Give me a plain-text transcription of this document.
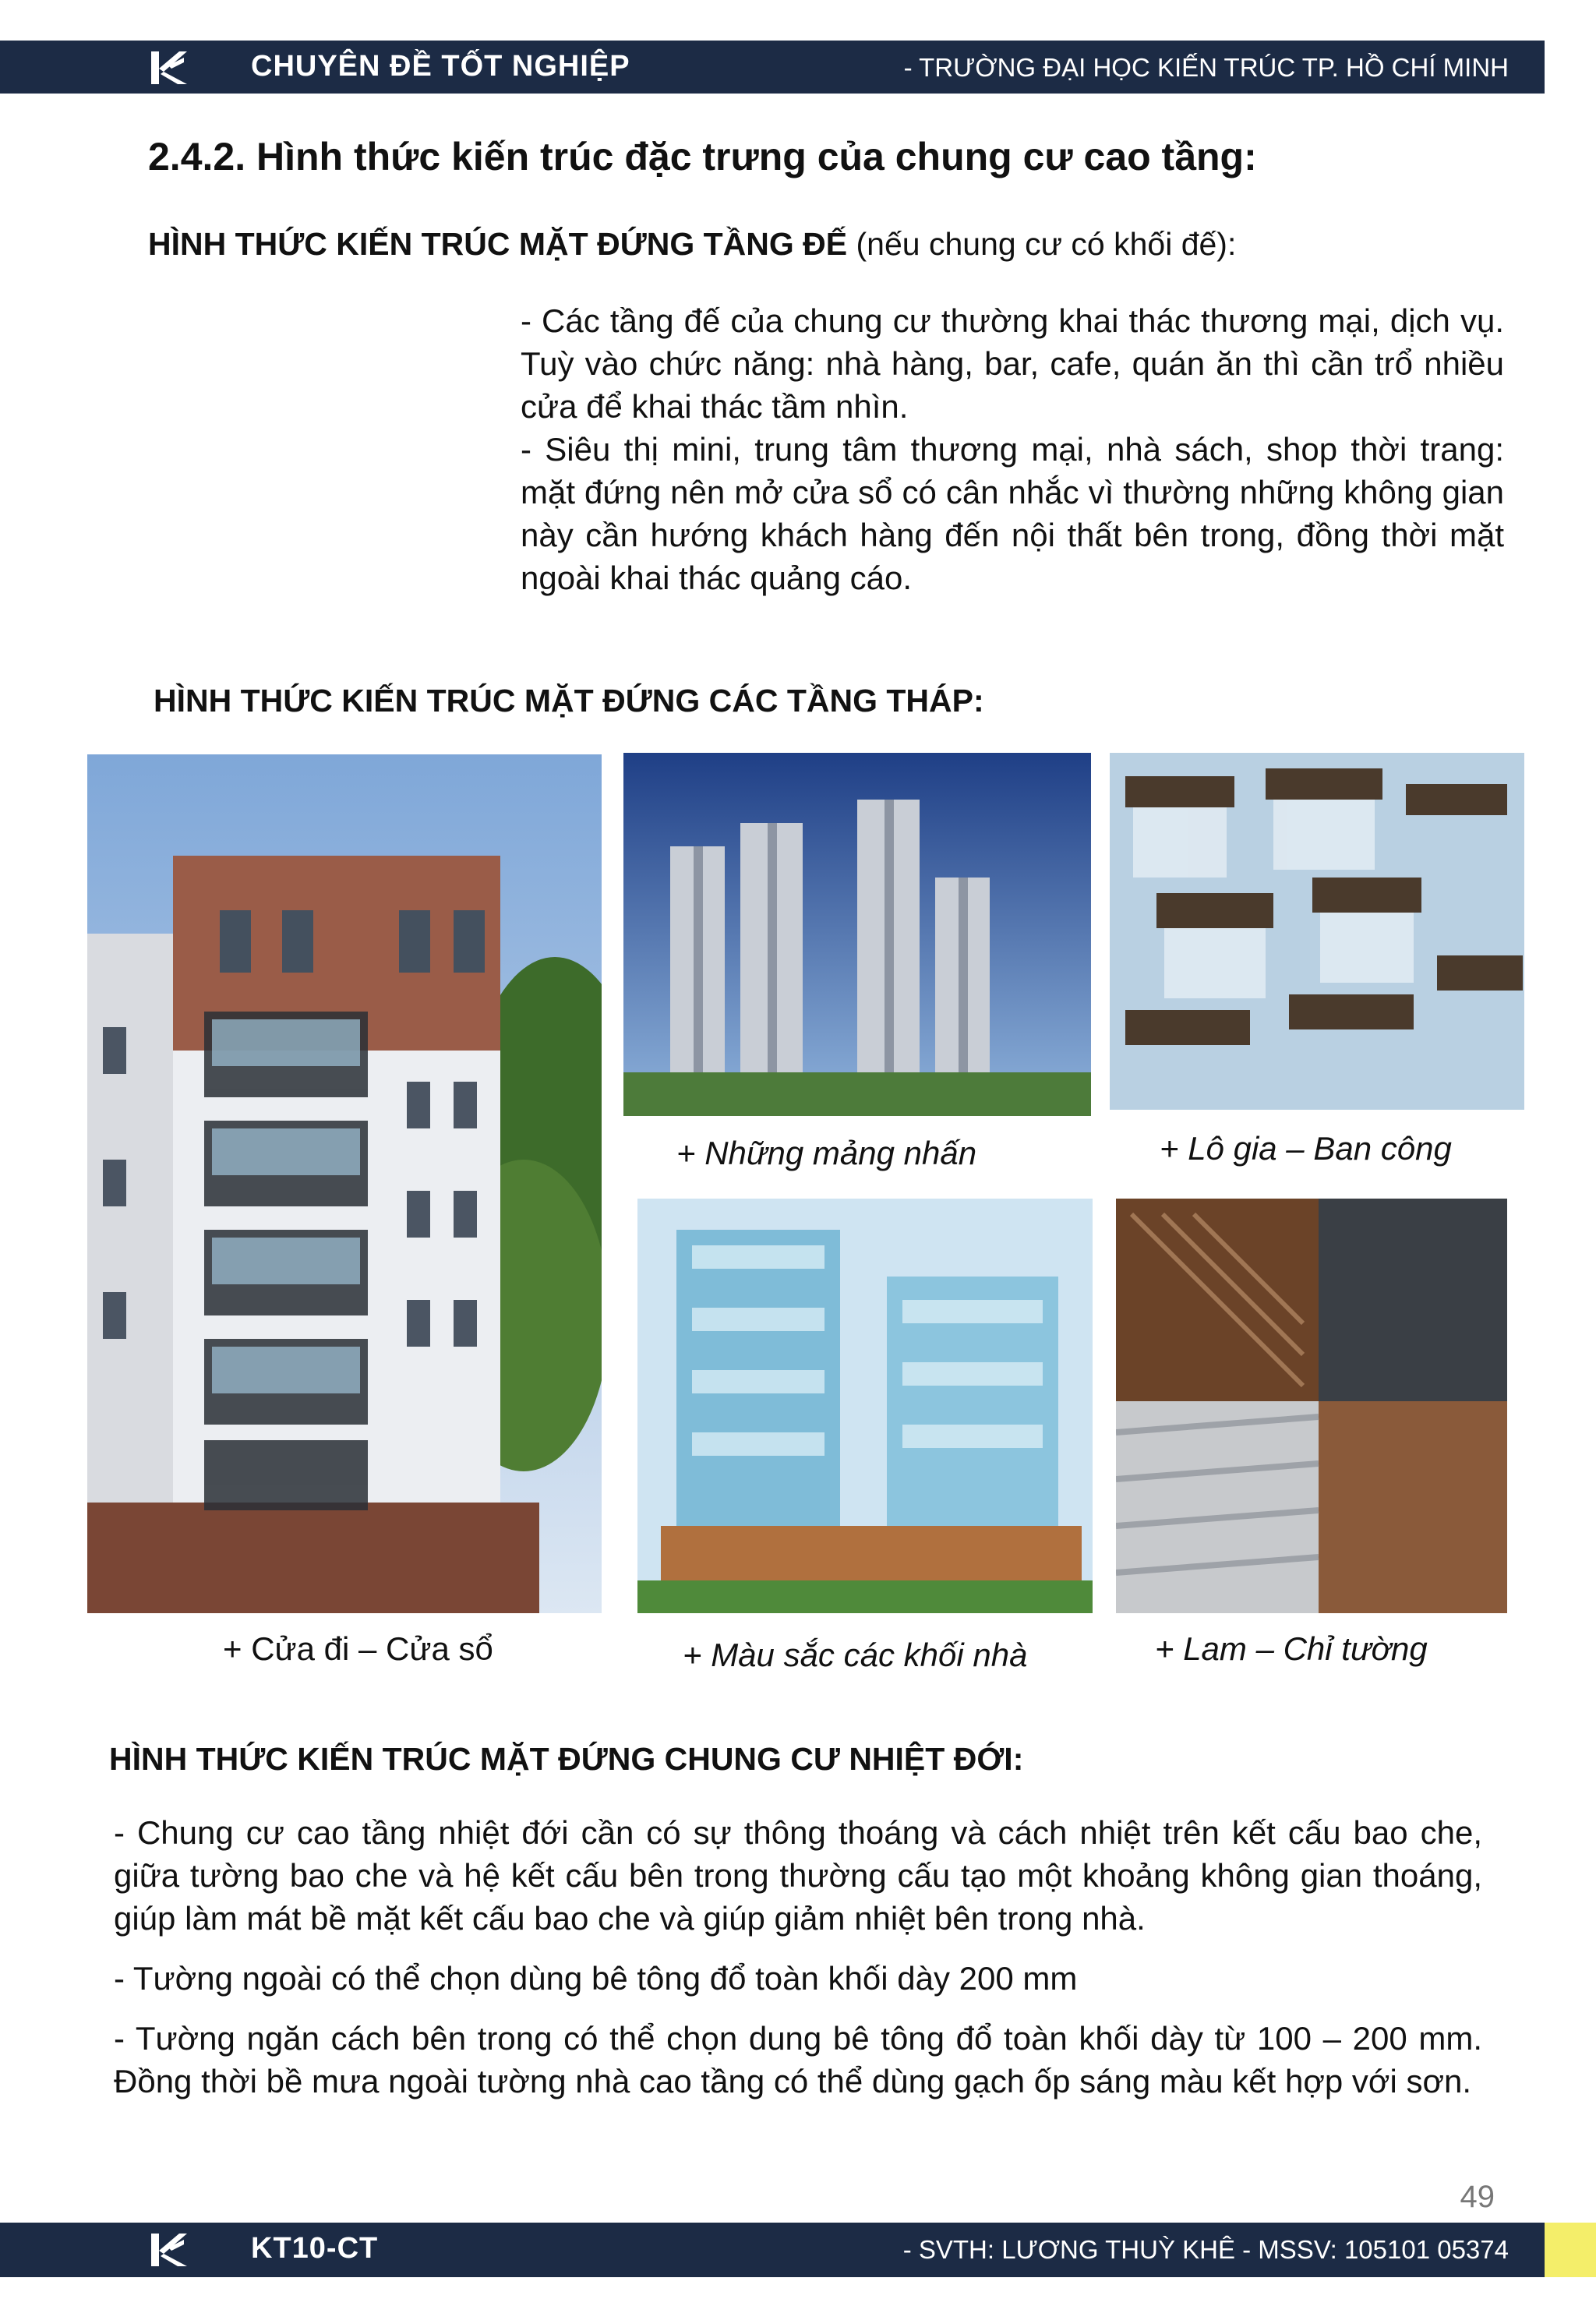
CHUYÊN ĐỀ TỐT NGHIỆP	- TRƯỜNG ĐẠI HỌC KIẾN TRÚC TP. HỒ CHÍ MINH
2.4.2. Hình thức kiến trúc đặc trưng của chung cư cao tầng:
HÌNH THỨC KIẾN TRÚC MẶT ĐỨNG TẦNG ĐẾ (nếu chung cư có khối đế):

- Các tầng đế của chung cư thường khai thác thương mại, dịch vụ. Tuỳ vào chức năng: nhà hàng, bar, cafe, quán ăn thì cần trổ nhiều cửa để khai thác tầm nhìn.

- Siêu thị mini, trung tâm thương mại, nhà sách, shop thời trang: mặt đứng nên mở cửa sổ có cân nhắc vì thường những không gian này cần hướng khách hàng đến nội thất bên trong, đồng thời mặt ngoài khai thác quảng cáo.

HÌNH THỨC KIẾN TRÚC MẶT ĐỨNG CÁC TẦNG THÁP:
+ Những mảng nhấn	+ Lô gia – Ban công
+ Cửa đi – Cửa sổ	+ Màu sắc các khối nhà	+ Lam – Chỉ tường
HÌNH THỨC KIẾN TRÚC MẶT ĐỨNG CHUNG CƯ NHIỆT ĐỚI:

- Chung cư cao tầng nhiệt đới cần có sự thông thoáng và cách nhiệt trên kết cấu bao che, giữa tường bao che và hệ kết cấu bên trong thường cấu tạo một khoảng không gian thoáng, giúp làm mát bề mặt kết cấu bao che và giúp giảm nhiệt bên trong nhà.

- Tường ngoài có thể chọn dùng bê tông đổ toàn khối dày 200 mm

- Tường ngăn cách bên trong có thể chọn dung bê tông đổ toàn khối dày từ 100 – 200 mm. Đồng thời bề mưa ngoài tường nhà cao tầng có thể dùng gạch ốp sáng màu kết hợp với sơn.

49
KT10-CT	- SVTH: LƯƠNG THUỲ KHÊ - MSSV: 105101 05374
